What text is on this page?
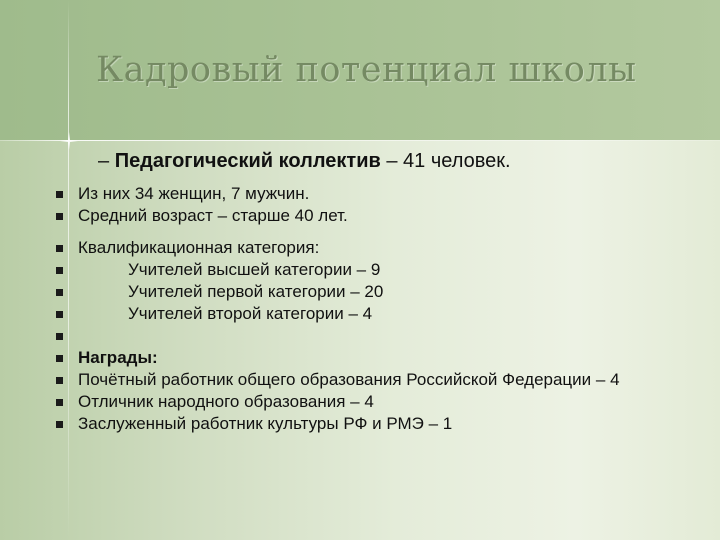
Кадровый потенциал школы
– Педагогический коллектив – 41 человек.
Из них 34 женщин, 7 мужчин.
Средний возраст – старше 40 лет.
Квалификационная категория:
Учителей высшей категории – 9
Учителей первой категории – 20
Учителей второй категории – 4
Награды:
Почётный работник общего образования Российской Федерации – 4
Отличник народного образования – 4
Заслуженный работник культуры РФ и РМЭ – 1
